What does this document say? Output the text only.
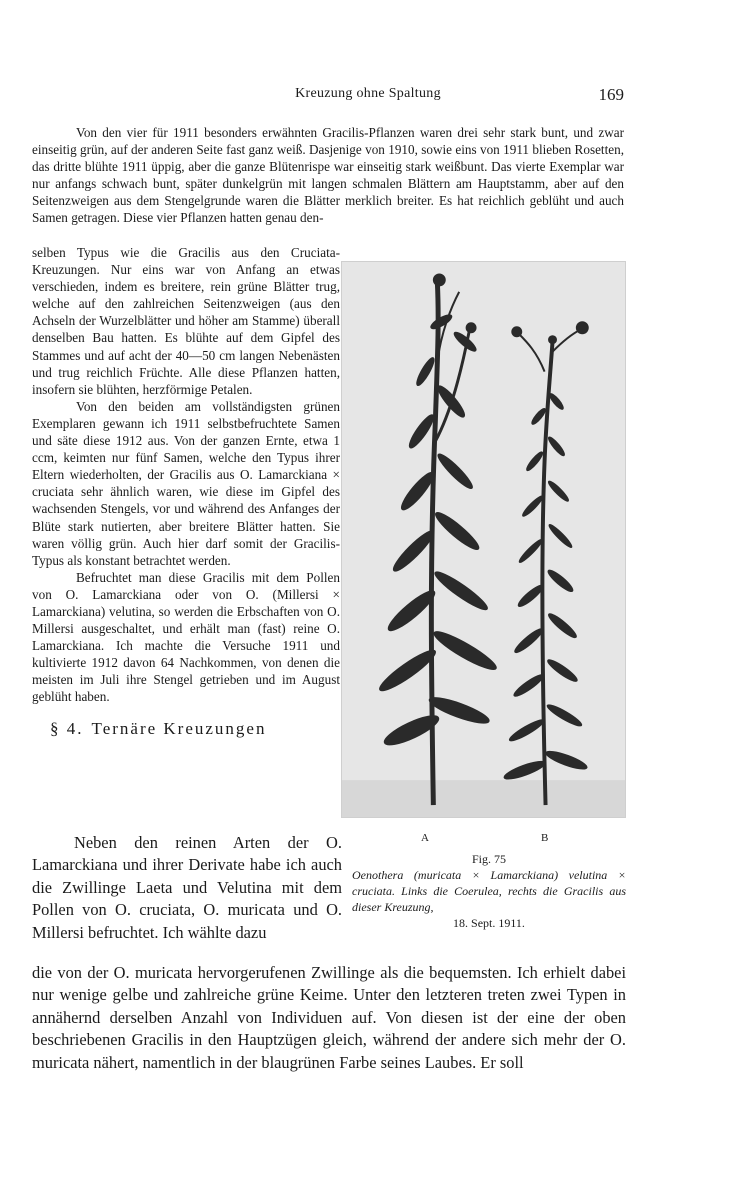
Kreuzung ohne Spaltung	169

Von den vier für 1911 besonders erwähnten Gracilis-Pflanzen waren drei sehr stark bunt, und zwar einseitig grün, auf der anderen Seite fast ganz weiß. Dasjenige von 1910, sowie eins von 1911 blieben Rosetten, das dritte blühte 1911 üppig, aber die ganze Blütenrispe war einseitig stark weißbunt. Das vierte Exemplar war nur anfangs schwach bunt, später dunkelgrün mit langen schmalen Blättern am Hauptstamm, aber auf den Seitenzweigen aus dem Stengelgrunde waren die Blätter merklich breiter. Es hat reichlich geblüht und auch Samen getragen. Diese vier Pflanzen hatten genau den-

selben Typus wie die Gracilis aus den Cruciata-Kreuzungen. Nur eins war von Anfang an etwas verschieden, indem es breitere, rein grüne Blätter trug, welche auf den zahlreichen Seitenzweigen (aus den Achseln der Wurzelblätter und höher am Stamme) überall denselben Bau hatten. Es blühte auf dem Gipfel des Stammes und auf acht der 40—50 cm langen Nebenästen und trug reichlich Früchte. Alle diese Pflanzen hatten, insofern sie blühten, herzförmige Petalen.

Von den beiden am vollständigsten grünen Exemplaren gewann ich 1911 selbstbefruchtete Samen und säte diese 1912 aus. Von der ganzen Ernte, etwa 1 ccm, keimten nur fünf Samen, welche den Typus ihrer Eltern wiederholten, der Gracilis aus O. Lamarckiana × cruciata sehr ähnlich waren, wie diese im Gipfel des wachsenden Stengels, vor und während des Anfanges der Blüte stark nutierten, aber breitere Blätter hatten. Sie waren völlig grün. Auch hier darf somit der Gracilis-Typus als konstant betrachtet werden.

Befruchtet man diese Gracilis mit dem Pollen von O. Lamarckiana oder von O. (Millersi × Lamarckiana) velutina, so werden die Erbschaften von O. Millersi ausgeschaltet, und erhält man (fast) reine O. Lamarckiana. Ich machte die Versuche 1911 und kultivierte 1912 davon 64 Nachkommen, von denen die meisten im Juli ihre Stengel getrieben und im August geblüht haben.

§ 4. Ternäre Kreuzungen

Neben den reinen Arten der O. Lamarckiana und ihrer Derivate habe ich auch die Zwillinge Laeta und Velutina mit dem Pollen von O. cruciata, O. muricata und O. Millersi befruchtet. Ich wählte dazu

die von der O. muricata hervorgerufenen Zwillinge als die bequemsten. Ich erhielt dabei nur wenige gelbe und zahlreiche grüne Keime. Unter den letzteren treten zwei Typen in annähernd derselben Anzahl von Individuen auf. Von diesen ist der eine der oben beschriebenen Gracilis in den Hauptzügen gleich, während der andere sich mehr der O. muricata nähert, namentlich in der blaugrünen Farbe seines Laubes. Er soll

A	B
Fig. 75
Oenothera (muricata × Lamarckiana) velutina × cruciata. Links die Coerulea, rechts die Gracilis aus dieser Kreuzung,
18. Sept. 1911.
